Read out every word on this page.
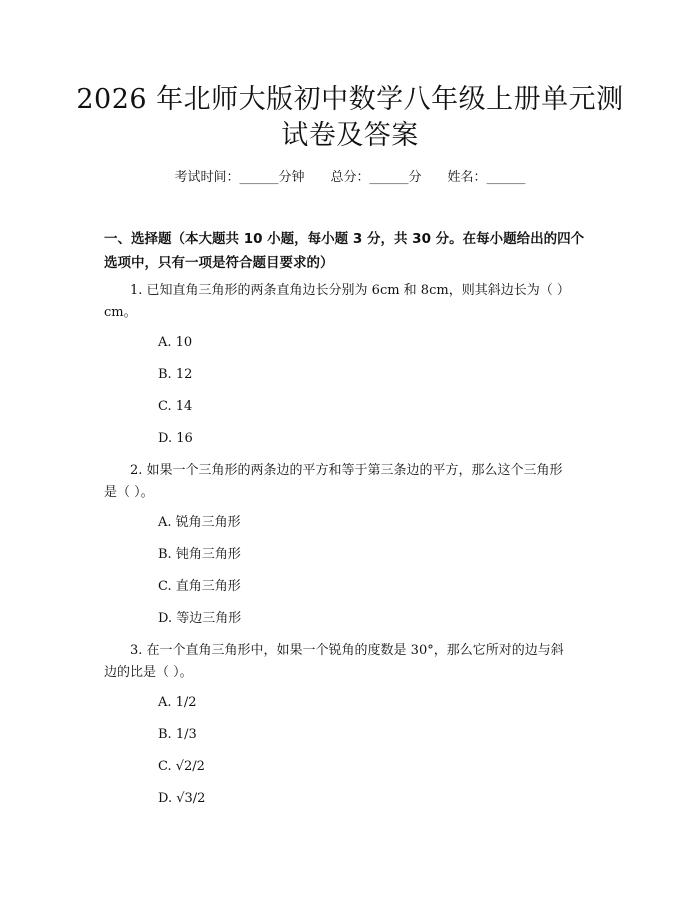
2026 年北师大版初中数学八年级上册单元测
试卷及答案
考试时间：______分钟 总分：______分 姓名：______
一、选择题（本大题共 10 小题，每小题 3 分，共 30 分。在每小题给出的四个
选项中，只有一项是符合题目要求的）
1. 已知直角三角形的两条直角边长分别为 6cm 和 8cm，则其斜边长为（ ）
cm。
A. 10
B. 12
C. 14
D. 16
2. 如果一个三角形的两条边的平方和等于第三条边的平方，那么这个三角形
是（ ）。
A. 锐角三角形
B. 钝角三角形
C. 直角三角形
D. 等边三角形
3. 在一个直角三角形中，如果一个锐角的度数是 30°，那么它所对的边与斜
边的比是（ ）。
A. 1/2
B. 1/3
C. √2/2
D. √3/2
